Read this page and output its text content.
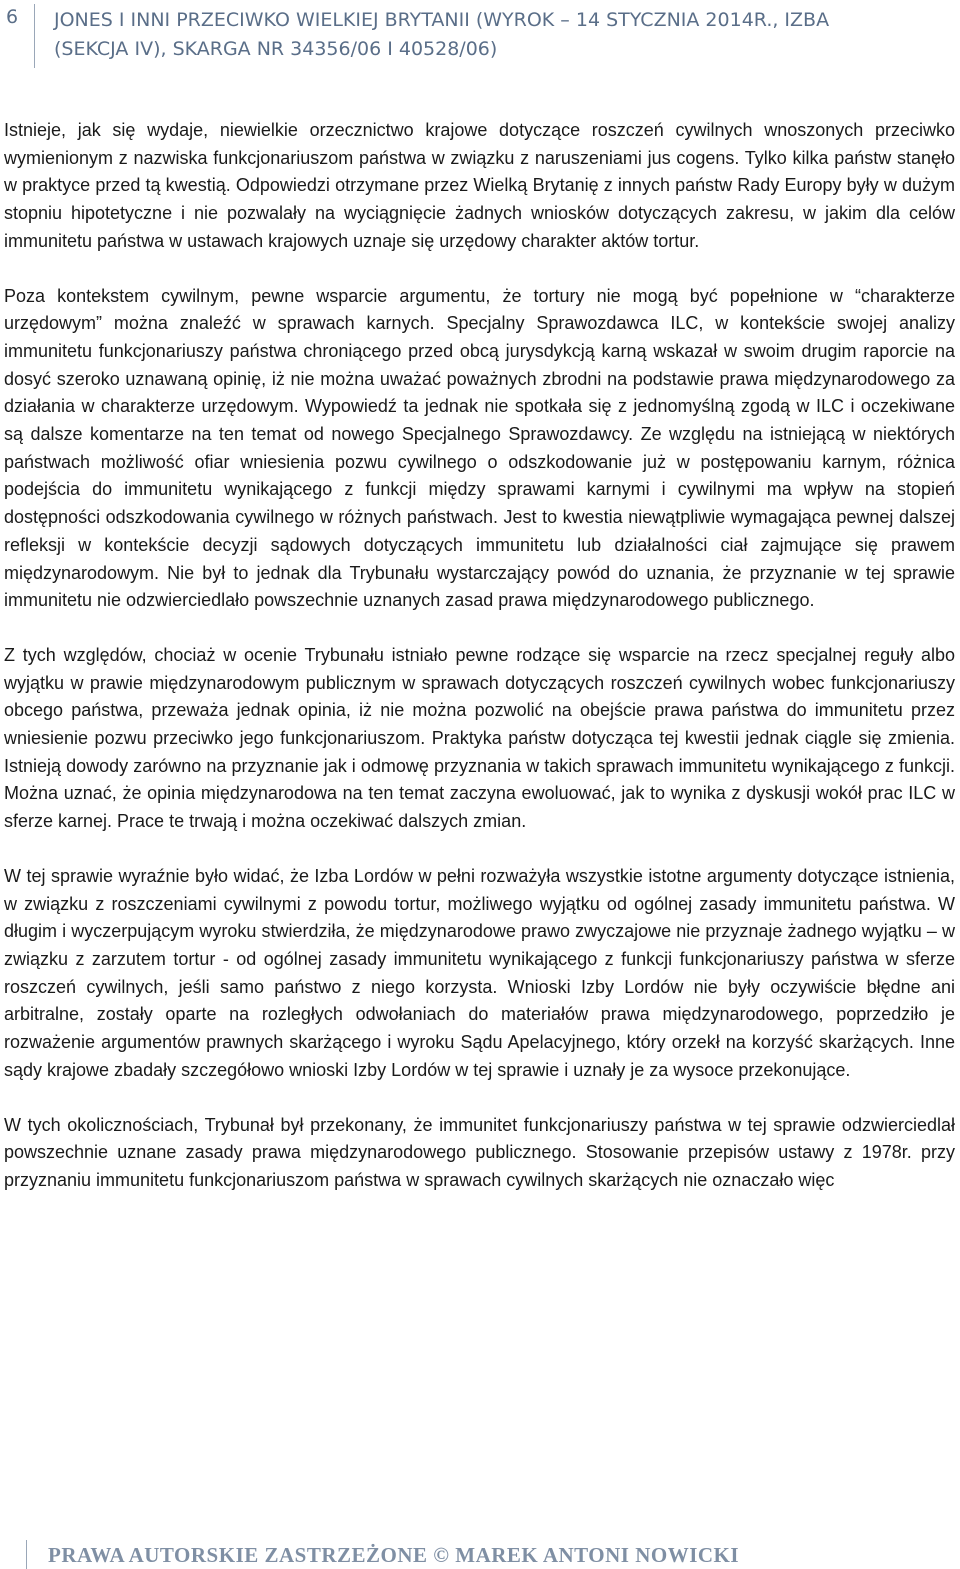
6 JONES I INNI PRZECIWKO WIELKIEJ BRYTANII (WYROK – 14 STYCZNIA 2014R., IZBA
(SEKCJA IV), SKARGA NR 34356/06 I 40528/06)

Istnieje, jak się wydaje, niewielkie orzecznictwo krajowe dotyczące roszczeń cywilnych wnoszonych przeciwko wymienionym z nazwiska funkcjonariuszom państwa w związku z naruszeniami jus cogens. Tylko kilka państw stanęło w praktyce przed tą kwestią. Odpowiedzi otrzymane przez Wielką Brytanię z innych państw Rady Europy były w dużym stopniu hipotetyczne i nie pozwalały na wyciągnięcie żadnych wniosków dotyczących zakresu, w jakim dla celów immunitetu państwa w ustawach krajowych uznaje się urzędowy charakter aktów tortur.

Poza kontekstem cywilnym, pewne wsparcie argumentu, że tortury nie mogą być popełnione w “charakterze urzędowym” można znaleźć w sprawach karnych. Specjalny Sprawozdawca ILC, w kontekście swojej analizy immunitetu funkcjonariuszy państwa chroniącego przed obcą jurysdykcją karną wskazał w swoim drugim raporcie na dosyć szeroko uznawaną opinię, iż nie można uważać poważnych zbrodni na podstawie prawa międzynarodowego za działania w charakterze urzędowym. Wypowiedź ta jednak nie spotkała się z jednomyślną zgodą w ILC i oczekiwane są dalsze komentarze na ten temat od nowego Specjalnego Sprawozdawcy. Ze względu na istniejącą w niektórych państwach możliwość ofiar wniesienia pozwu cywilnego o odszkodowanie już w postępowaniu karnym, różnica podejścia do immunitetu wynikającego z funkcji między sprawami karnymi i cywilnymi ma wpływ na stopień dostępności odszkodowania cywilnego w różnych państwach. Jest to kwestia niewątpliwie wymagająca pewnej dalszej refleksji w kontekście decyzji sądowych dotyczących immunitetu lub działalności ciał zajmujące się prawem międzynarodowym. Nie był to jednak dla Trybunału wystarczający powód do uznania, że przyznanie w tej sprawie immunitetu nie odzwierciedlało powszechnie uznanych zasad prawa międzynarodowego publicznego.

Z tych względów, chociaż w ocenie Trybunału istniało pewne rodzące się wsparcie na rzecz specjalnej reguły albo wyjątku w prawie międzynarodowym publicznym w sprawach dotyczących roszczeń cywilnych wobec funkcjonariuszy obcego państwa, przeważa jednak opinia, iż nie można pozwolić na obejście prawa państwa do immunitetu przez wniesienie pozwu przeciwko jego funkcjonariuszom. Praktyka państw dotycząca tej kwestii jednak ciągle się zmienia. Istnieją dowody zarówno na przyznanie jak i odmowę przyznania w takich sprawach immunitetu wynikającego z funkcji. Można uznać, że opinia międzynarodowa na ten temat zaczyna ewoluować, jak to wynika z dyskusji wokół prac ILC w sferze karnej. Prace te trwają i można oczekiwać dalszych zmian.

W tej sprawie wyraźnie było widać, że Izba Lordów w pełni rozważyła wszystkie istotne argumenty dotyczące istnienia, w związku z roszczeniami cywilnymi z powodu tortur, możliwego wyjątku od ogólnej zasady immunitetu państwa. W długim i wyczerpującym wyroku stwierdziła, że międzynarodowe prawo zwyczajowe nie przyznaje żadnego wyjątku – w związku z zarzutem tortur - od ogólnej zasady immunitetu wynikającego z funkcji funkcjonariuszy państwa w sferze roszczeń cywilnych, jeśli samo państwo z niego korzysta. Wnioski Izby Lordów nie były oczywiście błędne ani arbitralne, zostały oparte na rozległych odwołaniach do materiałów prawa międzynarodowego, poprzedziło je rozważenie argumentów prawnych skarżącego i wyroku Sądu Apelacyjnego, który orzekł na korzyść skarżących. Inne sądy krajowe zbadały szczegółowo wnioski Izby Lordów w tej sprawie i uznały je za wysoce przekonujące.

W tych okolicznościach, Trybunał był przekonany, że immunitet funkcjonariuszy państwa w tej sprawie odzwierciedlał powszechnie uznane zasady prawa międzynarodowego publicznego. Stosowanie przepisów ustawy z 1978r. przy przyznaniu immunitetu funkcjonariuszom państwa w sprawach cywilnych skarżących nie oznaczało więc

PRAWA AUTORSKIE ZASTRZEŻONE © MAREK ANTONI NOWICKI
